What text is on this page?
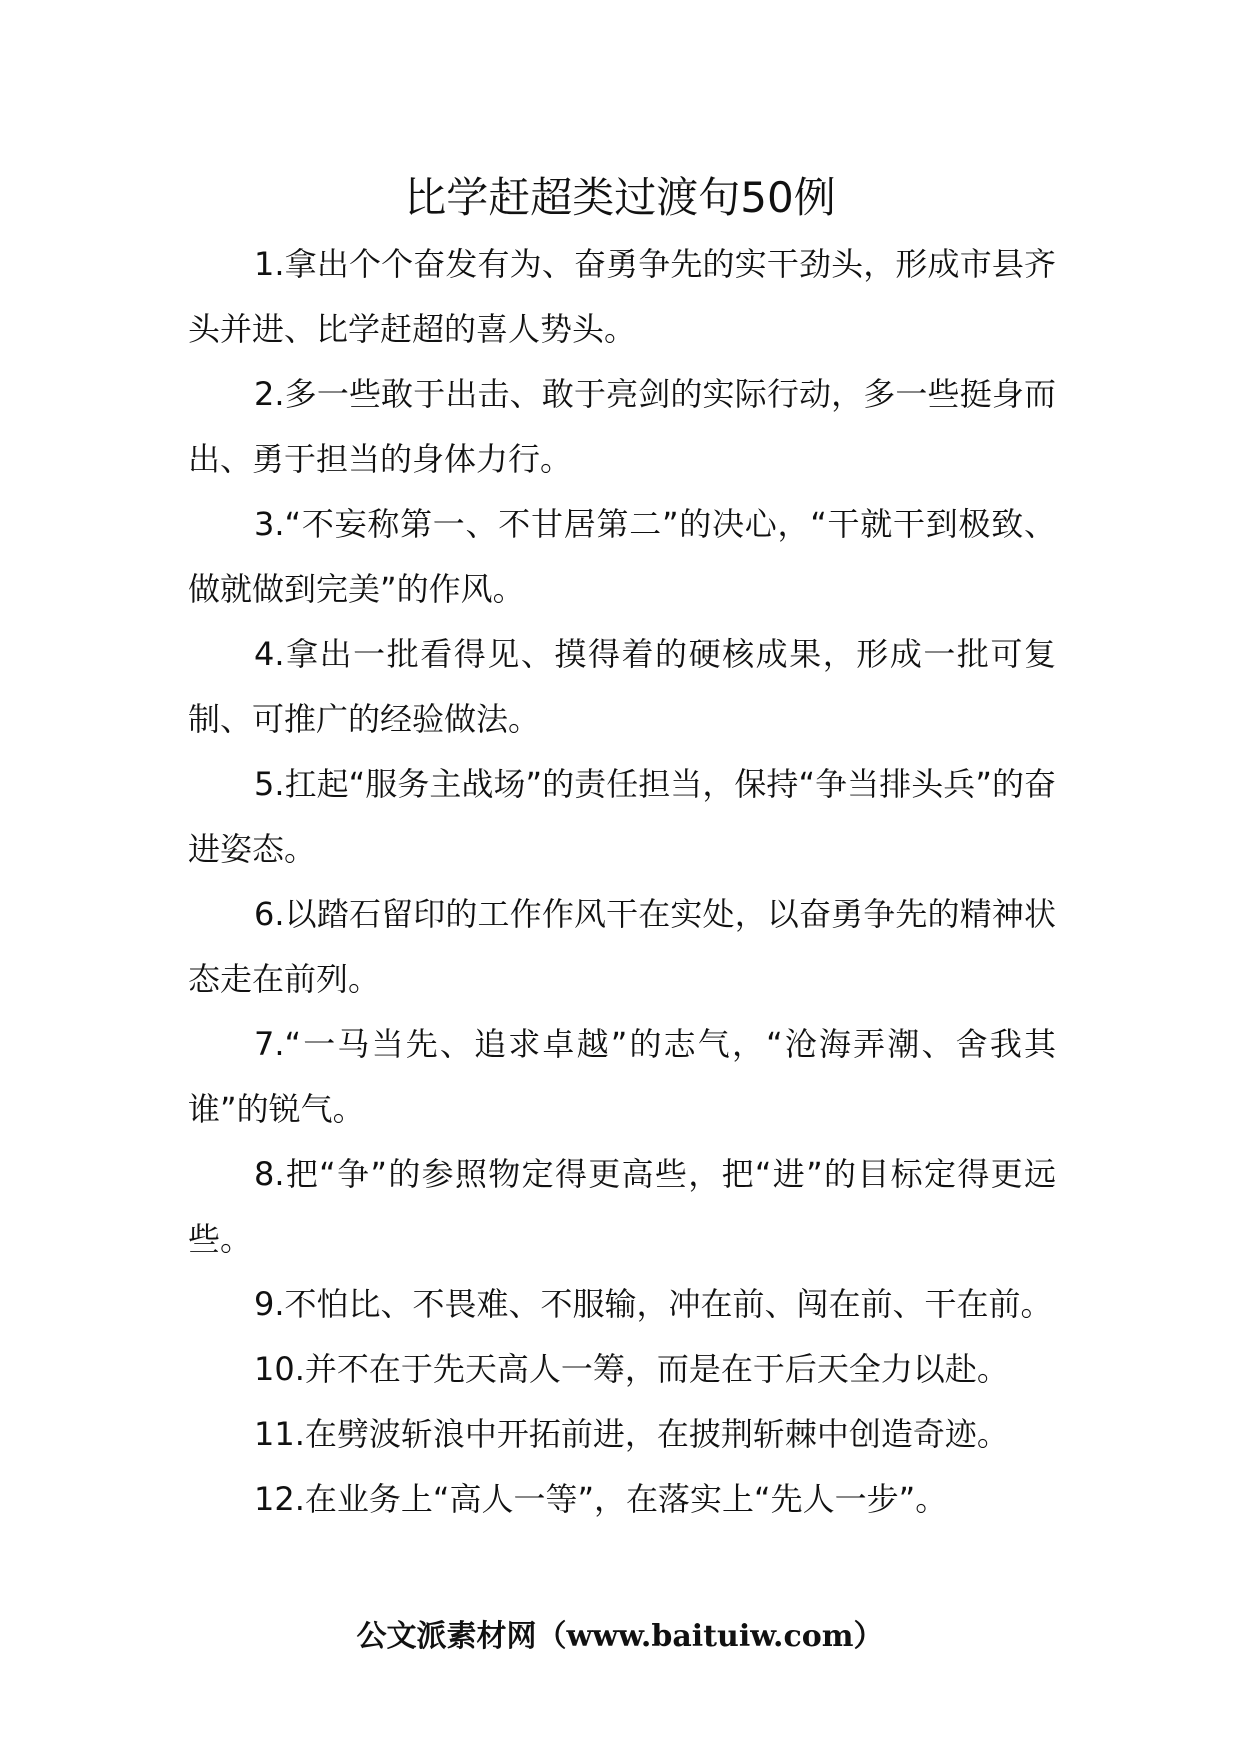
比学赶超类过渡句50例

1.拿出个个奋发有为、奋勇争先的实干劲头，形成市县齐头并进、比学赶超的喜人势头。

2.多一些敢于出击、敢于亮剑的实际行动，多一些挺身而出、勇于担当的身体力行。

3.“不妄称第一、不甘居第二”的决心，“干就干到极致、做就做到完美”的作风。

4.拿出一批看得见、摸得着的硬核成果，形成一批可复制、可推广的经验做法。

5.扛起“服务主战场”的责任担当，保持“争当排头兵”的奋进姿态。

6.以踏石留印的工作作风干在实处，以奋勇争先的精神状态走在前列。

7.“一马当先、追求卓越”的志气，“沧海弄潮、舍我其谁”的锐气。

8.把“争”的参照物定得更高些，把“进”的目标定得更远些。

9.不怕比、不畏难、不服输，冲在前、闯在前、干在前。

10.并不在于先天高人一筹，而是在于后天全力以赴。

11.在劈波斩浪中开拓前进，在披荆斩棘中创造奇迹。

12.在业务上“高人一等”，在落实上“先人一步”。

公文派素材网（www.baituiw.com）
